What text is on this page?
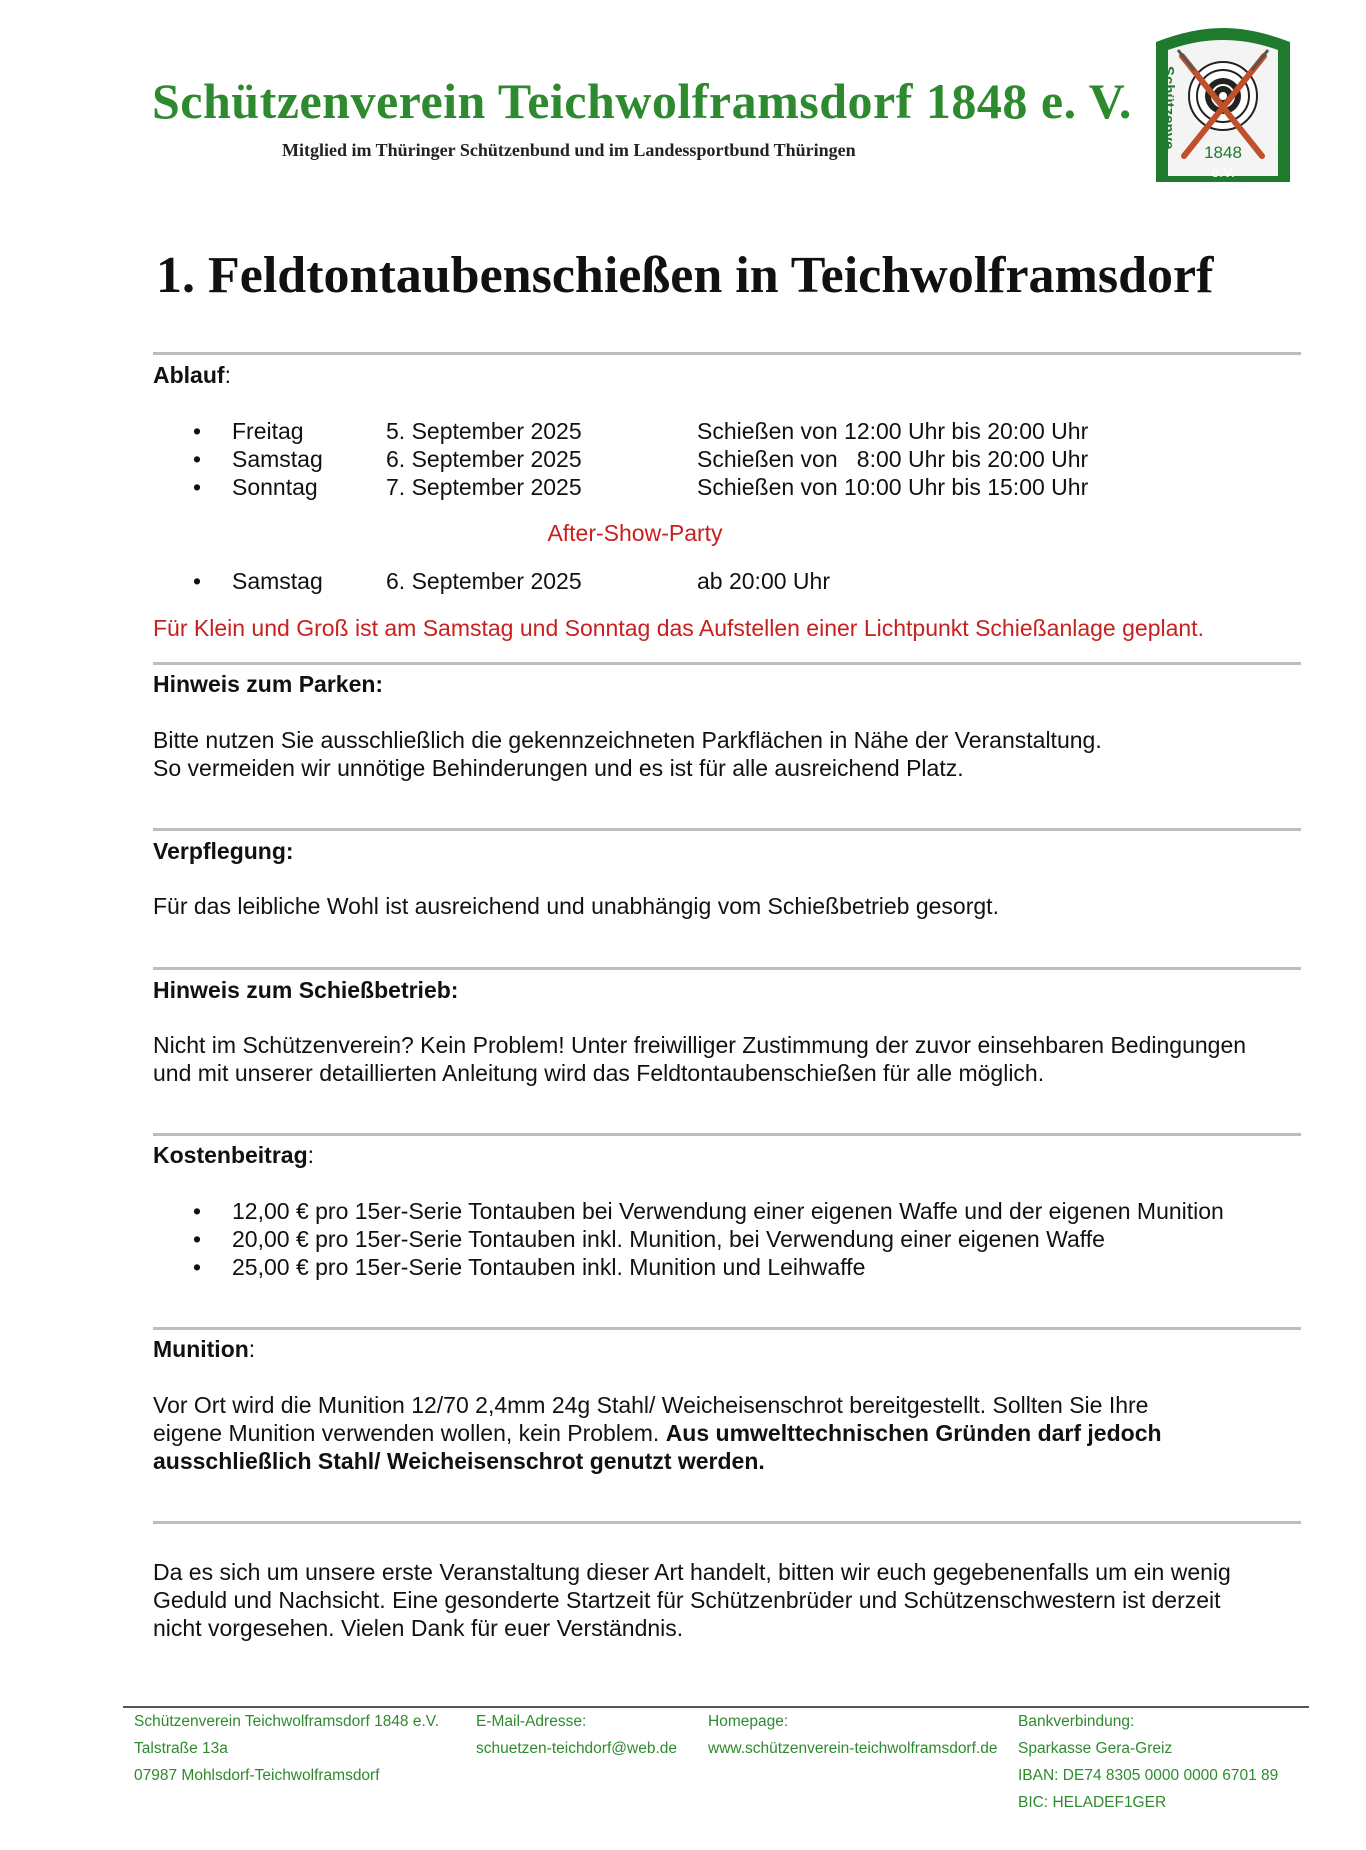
Schützenverein Teichwolframsdorf 1848 e. V.
Mitglied im Thüringer Schützenbund und im Landessportbund Thüringen
Schützenve	Wolframsdorf
1848
e.V.
1. Feldtontaubenschießen in Teichwolframsdorf
Ablauf:
• Freitag	5. September 2025	Schießen von 12:00 Uhr bis 20:00 Uhr
• Samstag	6. September 2025	Schießen von   8:00 Uhr bis 20:00 Uhr
• Sonntag	7. September 2025	Schießen von 10:00 Uhr bis 15:00 Uhr
After-Show-Party
• Samstag	6. September 2025	ab 20:00 Uhr
Für Klein und Groß ist am Samstag und Sonntag das Aufstellen einer Lichtpunkt Schießanlage geplant.
Hinweis zum Parken:

Bitte nutzen Sie ausschließlich die gekennzeichneten Parkflächen in Nähe der Veranstaltung.

So vermeiden wir unnötige Behinderungen und es ist für alle ausreichend Platz.

Verpflegung:
Für das leibliche Wohl ist ausreichend und unabhängig vom Schießbetrieb gesorgt.
Hinweis zum Schießbetrieb:

Nicht im Schützenverein? Kein Problem! Unter freiwilliger Zustimmung der zuvor einsehbaren Bedingungen

und mit unserer detaillierten Anleitung wird das Feldtontaubenschießen für alle möglich.

Kostenbeitrag:
• 12,00 € pro 15er-Serie Tontauben bei Verwendung einer eigenen Waffe und der eigenen Munition
• 20,00 € pro 15er-Serie Tontauben inkl. Munition, bei Verwendung einer eigenen Waffe
• 25,00 € pro 15er-Serie Tontauben inkl. Munition und Leihwaffe
Munition:

Vor Ort wird die Munition 12/70 2,4mm 24g Stahl/ Weicheisenschrot bereitgestellt. Sollten Sie Ihre

eigene Munition verwenden wollen, kein Problem. Aus umwelttechnischen Gründen darf jedoch

ausschließlich Stahl/ Weicheisenschrot genutzt werden.

Da es sich um unsere erste Veranstaltung dieser Art handelt, bitten wir euch gegebenenfalls um ein wenig

Geduld und Nachsicht. Eine gesonderte Startzeit für Schützenbrüder und Schützenschwestern ist derzeit

nicht vorgesehen. Vielen Dank für euer Verständnis.

Schützenverein Teichwolframsdorf 1848 e.V.
Talstraße 13a
07987 Mohlsdorf-Teichwolframsdorf
E-Mail-Adresse:
schuetzen-teichdorf@web.de
Homepage:
www.schützenverein-teichwolframsdorf.de
Bankverbindung:
Sparkasse Gera-Greiz
IBAN: DE74 8305 0000 0000 6701 89
BIC: HELADEF1GER
